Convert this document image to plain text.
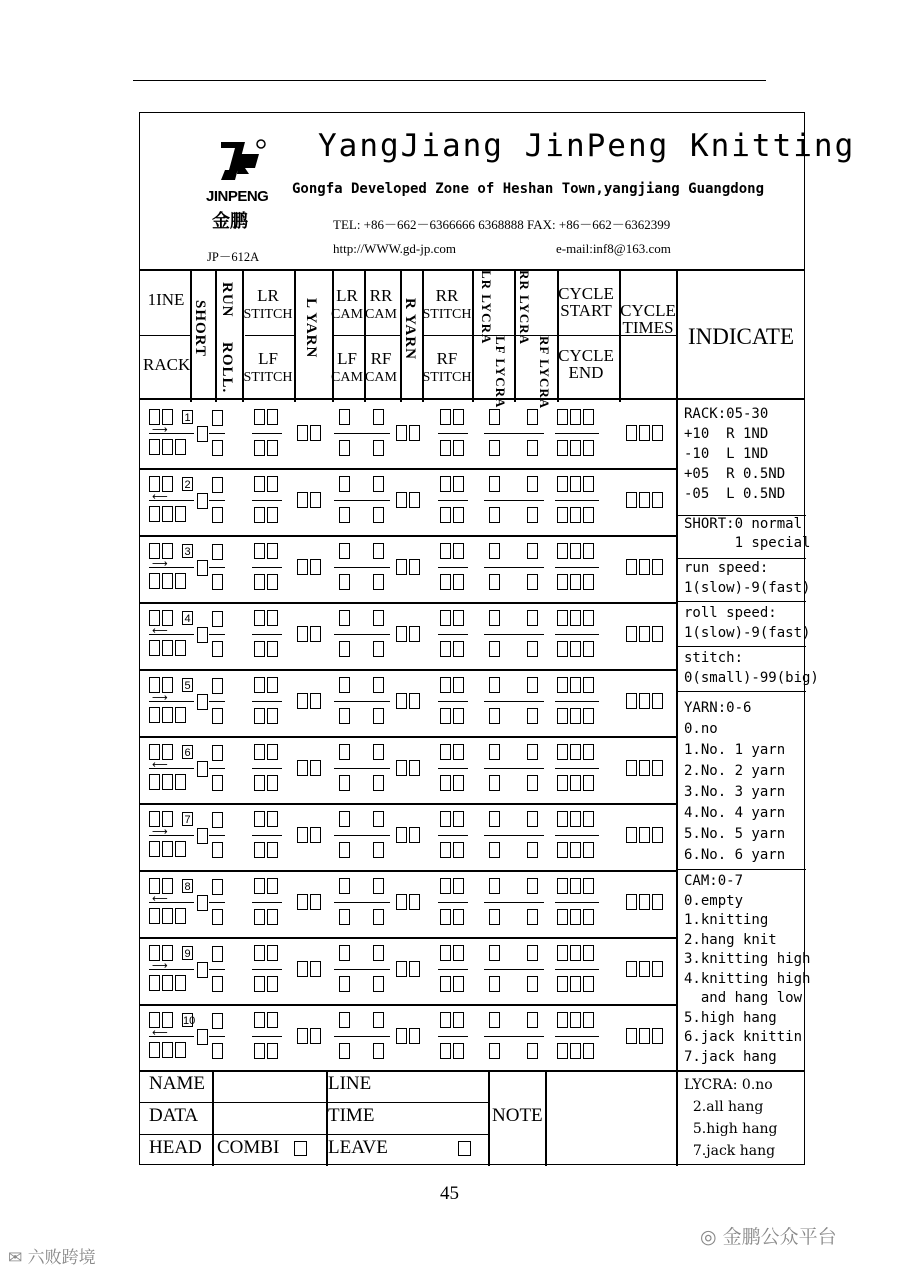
JINPENG
金鹏
JP－612A
YangJiang JinPeng Knitting
Gongfa Developed Zone of Heshan Town,yangjiang Guangdong
TEL: +86－662－6366666 6368888 FAX: +86－662－6362399
http://WWW.gd-jp.com	e-mail:inf8@163.com
1INE
RACK
SHORT
RUN
ROLL.
LR
STITCH
LF
STITCH
L YARN
LR
CAM
RR
CAM
LF
CAM
RF
CAM
R YARN
RR
STITCH
RF
STITCH
LR LYCRA
LF LYCRA
RR LYCRA
RF LYCRA
CYCLE
START
CYCLE
END
CYCLE
TIMES INDICATE
1
⟶
2
⟵
3
⟶
4
⟵
5
⟶
6
⟵
7
⟶
8
⟵
9
⟶
10
⟵
RACK:05-30
+10  R 1ND
-10  L 1ND
+05  R 0.5ND
-05  L 0.5ND
SHORT:0 normal
1 special
run speed:
1(slow)-9(fast)
roll speed:
1(slow)-9(fast)
stitch:
0(small)-99(big)
YARN:0-6
0.no
1.No. 1 yarn
2.No. 2 yarn
3.No. 3 yarn
4.No. 4 yarn
5.No. 5 yarn
6.No. 6 yarn
CAM:0-7
0.empty
1.knitting
2.hang knit
3.knitting high
4.knitting high
and hang low
5.high hang
6.jack knittin
7.jack hang
LYCRA: 0.no
2.all hang
5.high hang
7.jack hang
NAME
DATA
HEAD COMBI
LINE
TIME
LEAVE
NOTE
45
✉ 六败跨境
◎ 金鹏公众平台
